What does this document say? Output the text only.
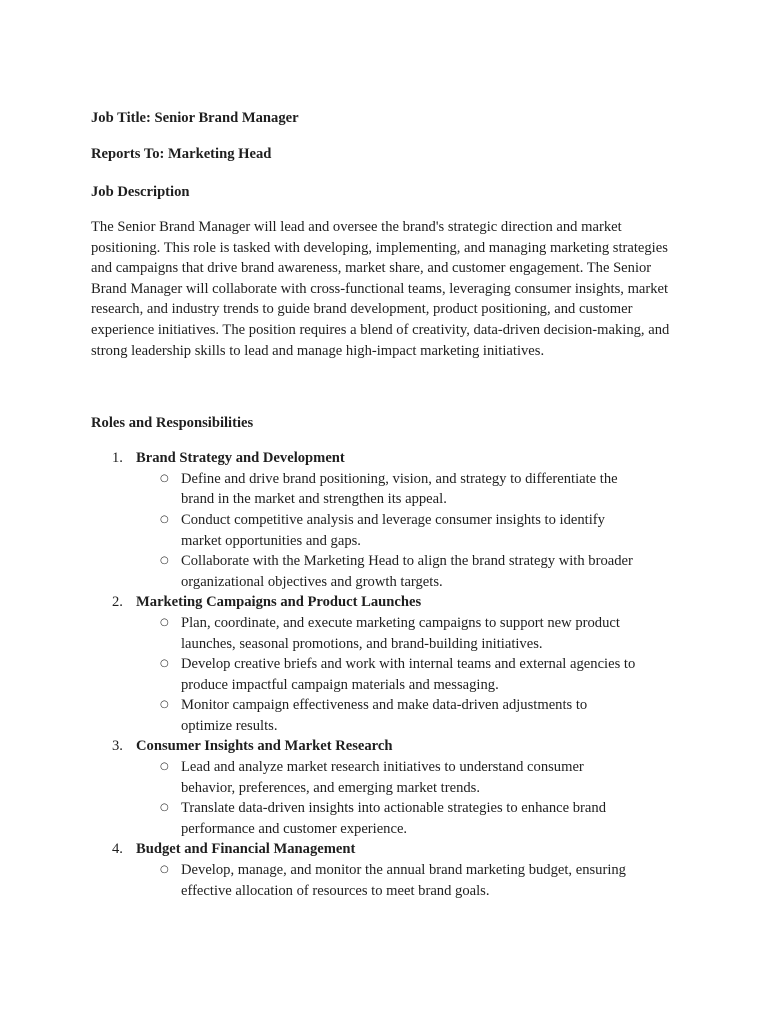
Job Title: Senior Brand Manager

Reports To: Marketing Head

Job Description

The Senior Brand Manager will lead and oversee the brand's strategic direction and market positioning. This role is tasked with developing, implementing, and managing marketing strategies and campaigns that drive brand awareness, market share, and customer engagement. The Senior Brand Manager will collaborate with cross-functional teams, leveraging consumer insights, market research, and industry trends to guide brand development, product positioning, and customer experience initiatives. The position requires a blend of creativity, data-driven decision-making, and strong leadership skills to lead and manage high-impact marketing initiatives.

Roles and Responsibilities

1. Brand Strategy and Development
○ Define and drive brand positioning, vision, and strategy to differentiate the brand in the market and strengthen its appeal.
○ Conduct competitive analysis and leverage consumer insights to identify market opportunities and gaps.
○ Collaborate with the Marketing Head to align the brand strategy with broader organizational objectives and growth targets.
2. Marketing Campaigns and Product Launches
○ Plan, coordinate, and execute marketing campaigns to support new product launches, seasonal promotions, and brand-building initiatives.
○ Develop creative briefs and work with internal teams and external agencies to produce impactful campaign materials and messaging.
○ Monitor campaign effectiveness and make data-driven adjustments to optimize results.
3. Consumer Insights and Market Research
○ Lead and analyze market research initiatives to understand consumer behavior, preferences, and emerging market trends.
○ Translate data-driven insights into actionable strategies to enhance brand performance and customer experience.
4. Budget and Financial Management
○ Develop, manage, and monitor the annual brand marketing budget, ensuring effective allocation of resources to meet brand goals.
